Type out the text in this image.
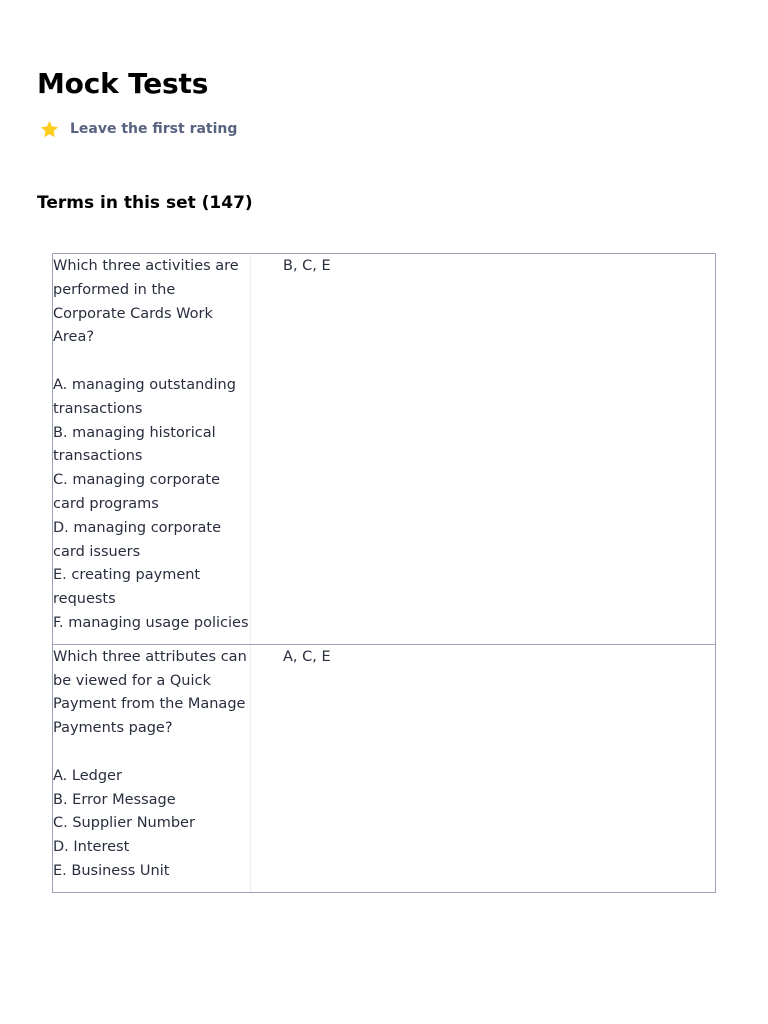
Mock Tests
Leave the first rating
Terms in this set (147)
Which three activities are performed in the Corporate Cards Work Area?

A. managing outstanding transactions
B. managing historical transactions
C. managing corporate card programs
D. managing corporate card issuers
E. creating payment requests
F. managing usage policies
B, C, E
Which three attributes can be viewed for a Quick Payment from the Manage Payments page?

A. Ledger
B. Error Message
C. Supplier Number
D. Interest
E. Business Unit
A, C, E
